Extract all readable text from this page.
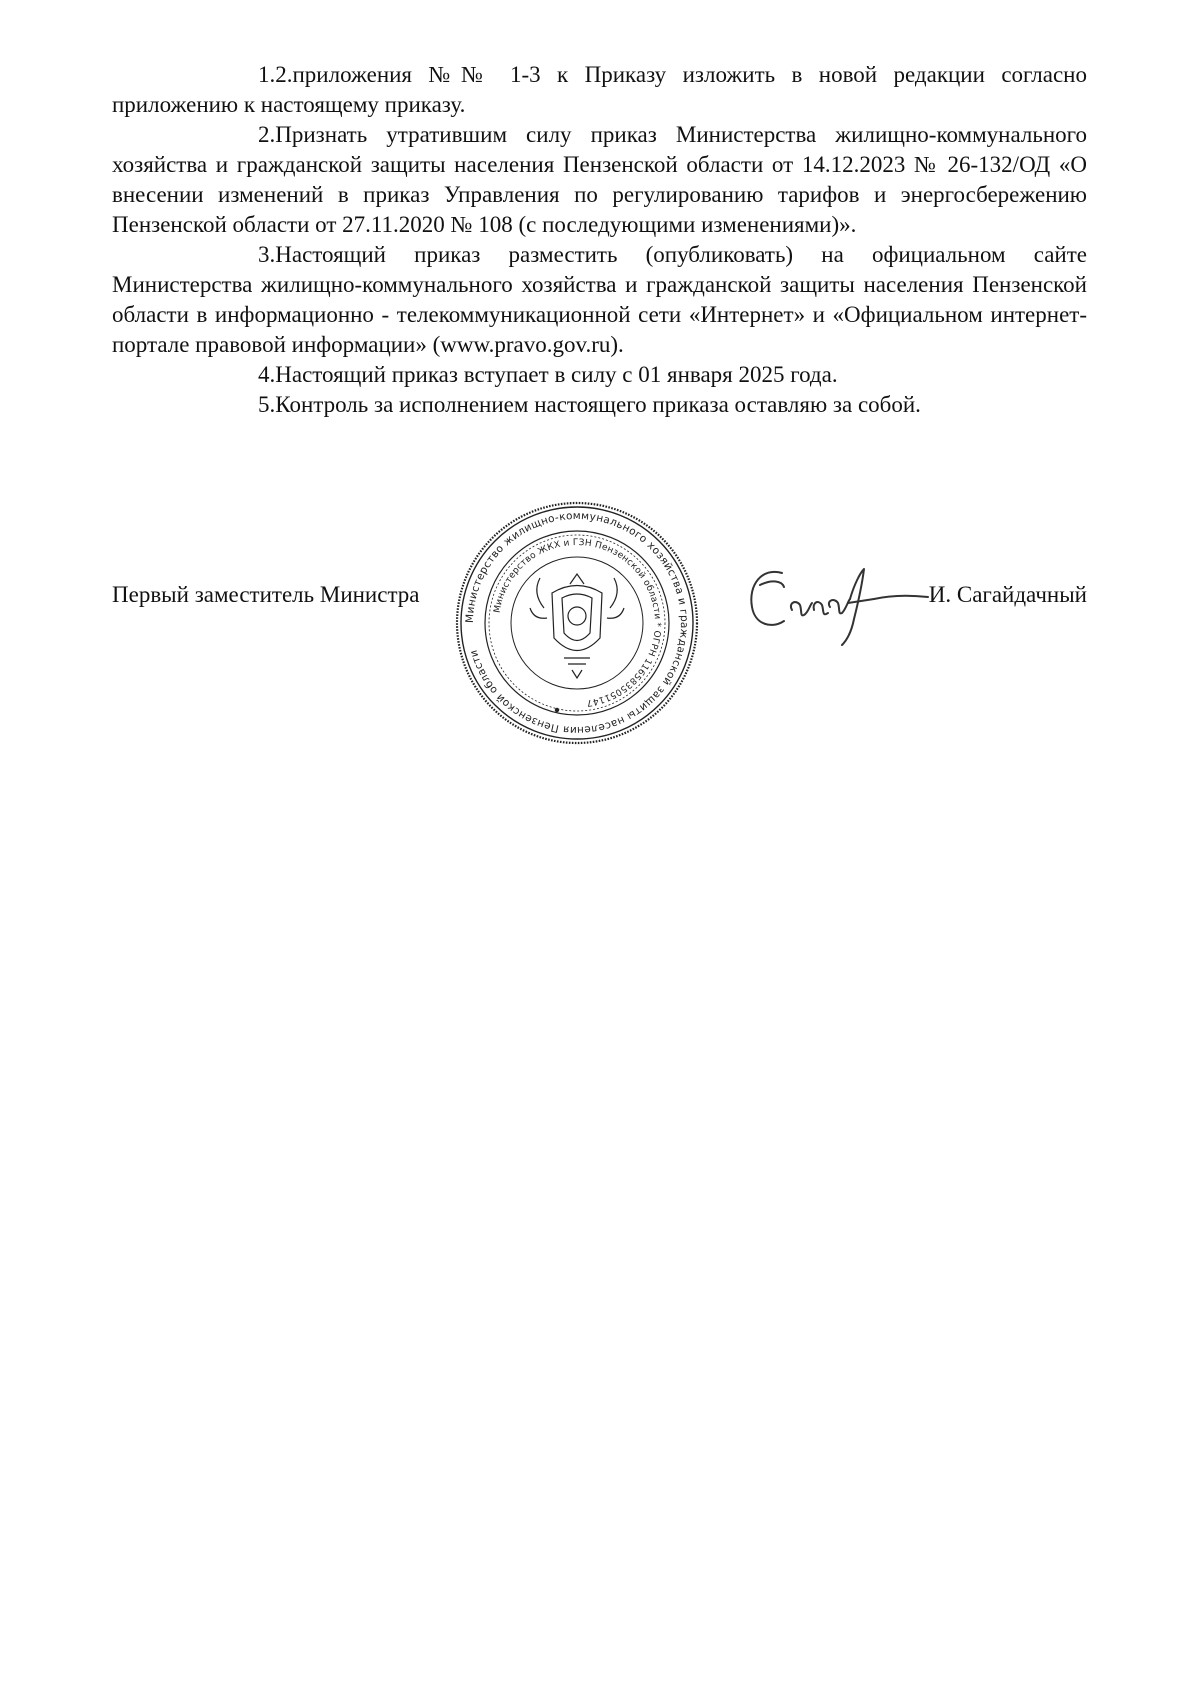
1.2.приложения №№ 1-3 к Приказу изложить в новой редакции согласно приложению к настоящему приказу.

2.Признать утратившим силу приказ Министерства жилищно-коммунального хозяйства и гражданской защиты населения Пензенской области от 14.12.2023 № 26-132/ОД «О внесении изменений в приказ Управления по регулированию тарифов и энергосбережению Пензенской области от 27.11.2020 № 108 (с последующими изменениями)».

3.Настоящий приказ разместить (опубликовать) на официальном сайте Министерства жилищно-коммунального хозяйства и гражданской защиты населения Пензенской области в информационно - телекоммуникационной сети «Интернет» и «Официальном интернет-портале правовой информации» (www.pravo.gov.ru).

4.Настоящий приказ вступает в силу с 01 января 2025 года.

5.Контроль за исполнением настоящего приказа оставляю за собой.

Первый заместитель Министра	И. Сагайдачный
Министерство жилищно-коммунального хозяйства и гражданской защиты населения Пензенской области
Министерство ЖКХ и ГЗН Пензенской области * ОГРН 1165835051147
